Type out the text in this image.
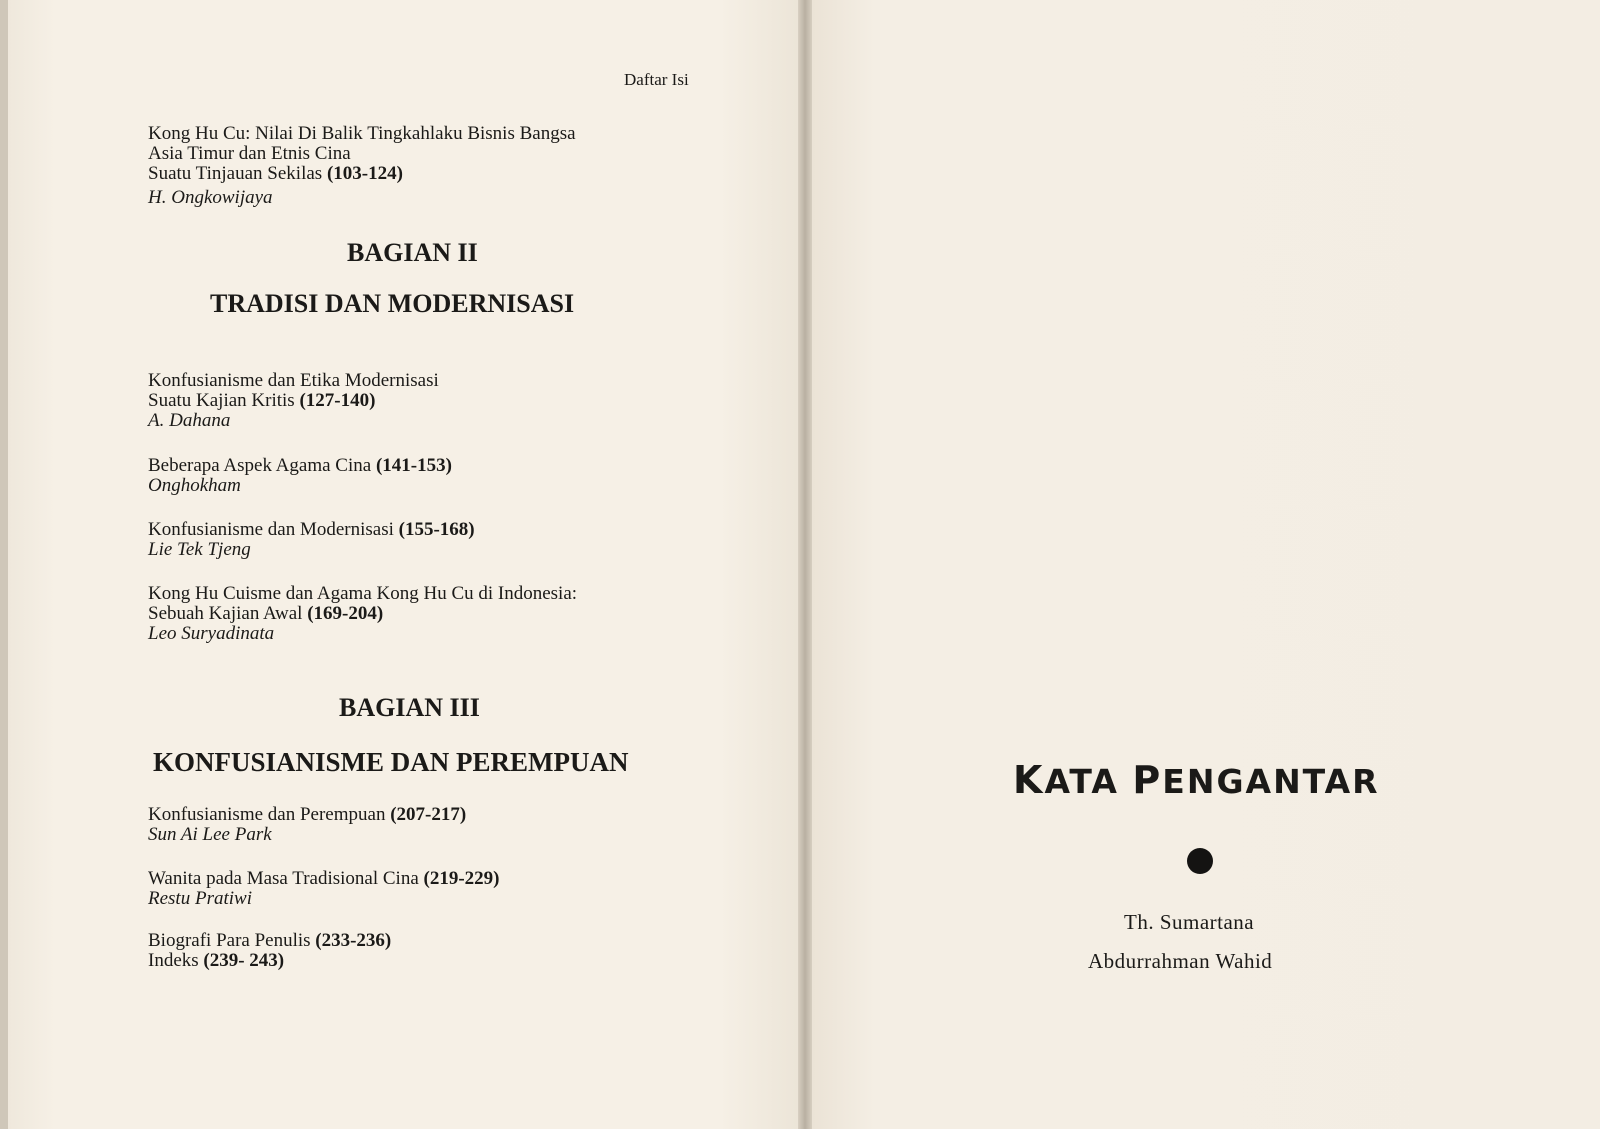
Daftar Isi
Kong Hu Cu: Nilai Di Balik Tingkahlaku Bisnis Bangsa
Asia Timur dan Etnis Cina
Suatu Tinjauan Sekilas (103-124)
H. Ongkowijaya
BAGIAN II
TRADISI DAN MODERNISASI
Konfusianisme dan Etika Modernisasi
Suatu Kajian Kritis (127-140)
A. Dahana
Beberapa Aspek Agama Cina (141-153)
Onghokham
Konfusianisme dan Modernisasi (155-168)
Lie Tek Tjeng
Kong Hu Cuisme dan Agama Kong Hu Cu di Indonesia:
Sebuah Kajian Awal (169-204)
Leo Suryadinata
BAGIAN III
KONFUSIANISME DAN PEREMPUAN
Konfusianisme dan Perempuan (207-217)
Sun Ai Lee Park
Wanita pada Masa Tradisional Cina (219-229)
Restu Pratiwi
Biografi Para Penulis (233-236)
Indeks (239- 243)
KATA PENGANTAR
Th. Sumartana
Abdurrahman Wahid
